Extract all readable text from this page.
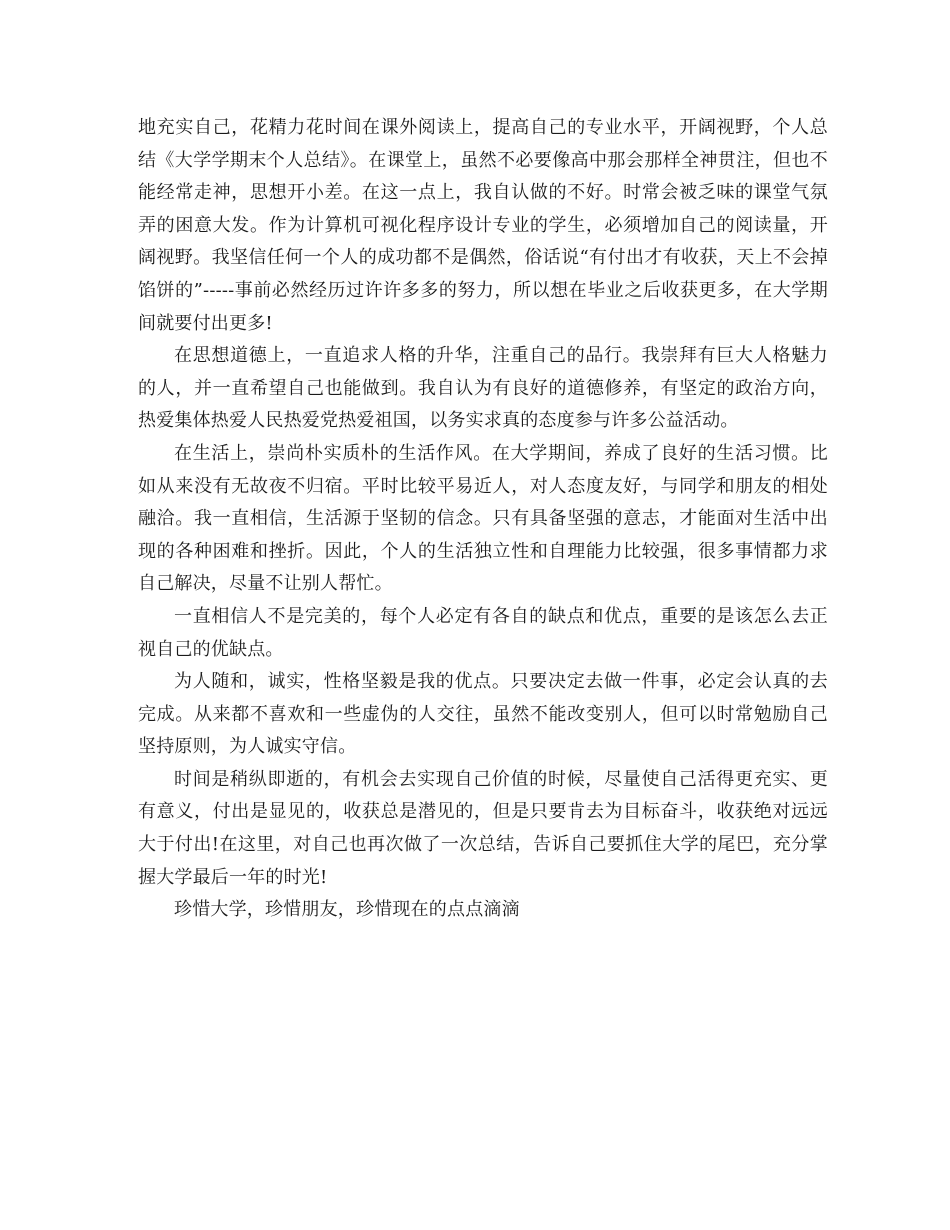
地充实自己，花精力花时间在课外阅读上，提高自己的专业水平，开阔视野，个人总结《大学学期末个人总结》。在课堂上，虽然不必要像高中那会那样全神贯注，但也不能经常走神，思想开小差。在这一点上，我自认做的不好。时常会被乏味的课堂气氛弄的困意大发。作为计算机可视化程序设计专业的学生，必须增加自己的阅读量，开阔视野。我坚信任何一个人的成功都不是偶然，俗话说“有付出才有收获，天上不会掉馅饼的”-----事前必然经历过许许多多的努力，所以想在毕业之后收获更多，在大学期间就要付出更多!

在思想道德上，一直追求人格的升华，注重自己的品行。我崇拜有巨大人格魅力的人，并一直希望自己也能做到。我自认为有良好的道德修养，有坚定的政治方向，热爱集体热爱人民热爱党热爱祖国，以务实求真的态度参与许多公益活动。

在生活上，崇尚朴实质朴的生活作风。在大学期间，养成了良好的生活习惯。比如从来没有无故夜不归宿。平时比较平易近人，对人态度友好，与同学和朋友的相处融洽。我一直相信，生活源于坚韧的信念。只有具备坚强的意志，才能面对生活中出现的各种困难和挫折。因此，个人的生活独立性和自理能力比较强，很多事情都力求自己解决，尽量不让别人帮忙。

一直相信人不是完美的，每个人必定有各自的缺点和优点，重要的是该怎么去正视自己的优缺点。

为人随和，诚实，性格坚毅是我的优点。只要决定去做一件事，必定会认真的去完成。从来都不喜欢和一些虚伪的人交往，虽然不能改变别人，但可以时常勉励自己坚持原则，为人诚实守信。

时间是稍纵即逝的，有机会去实现自己价值的时候，尽量使自己活得更充实、更有意义，付出是显见的，收获总是潜见的，但是只要肯去为目标奋斗，收获绝对远远大于付出!在这里，对自己也再次做了一次总结，告诉自己要抓住大学的尾巴，充分掌握大学最后一年的时光!

珍惜大学，珍惜朋友，珍惜现在的点点滴滴
